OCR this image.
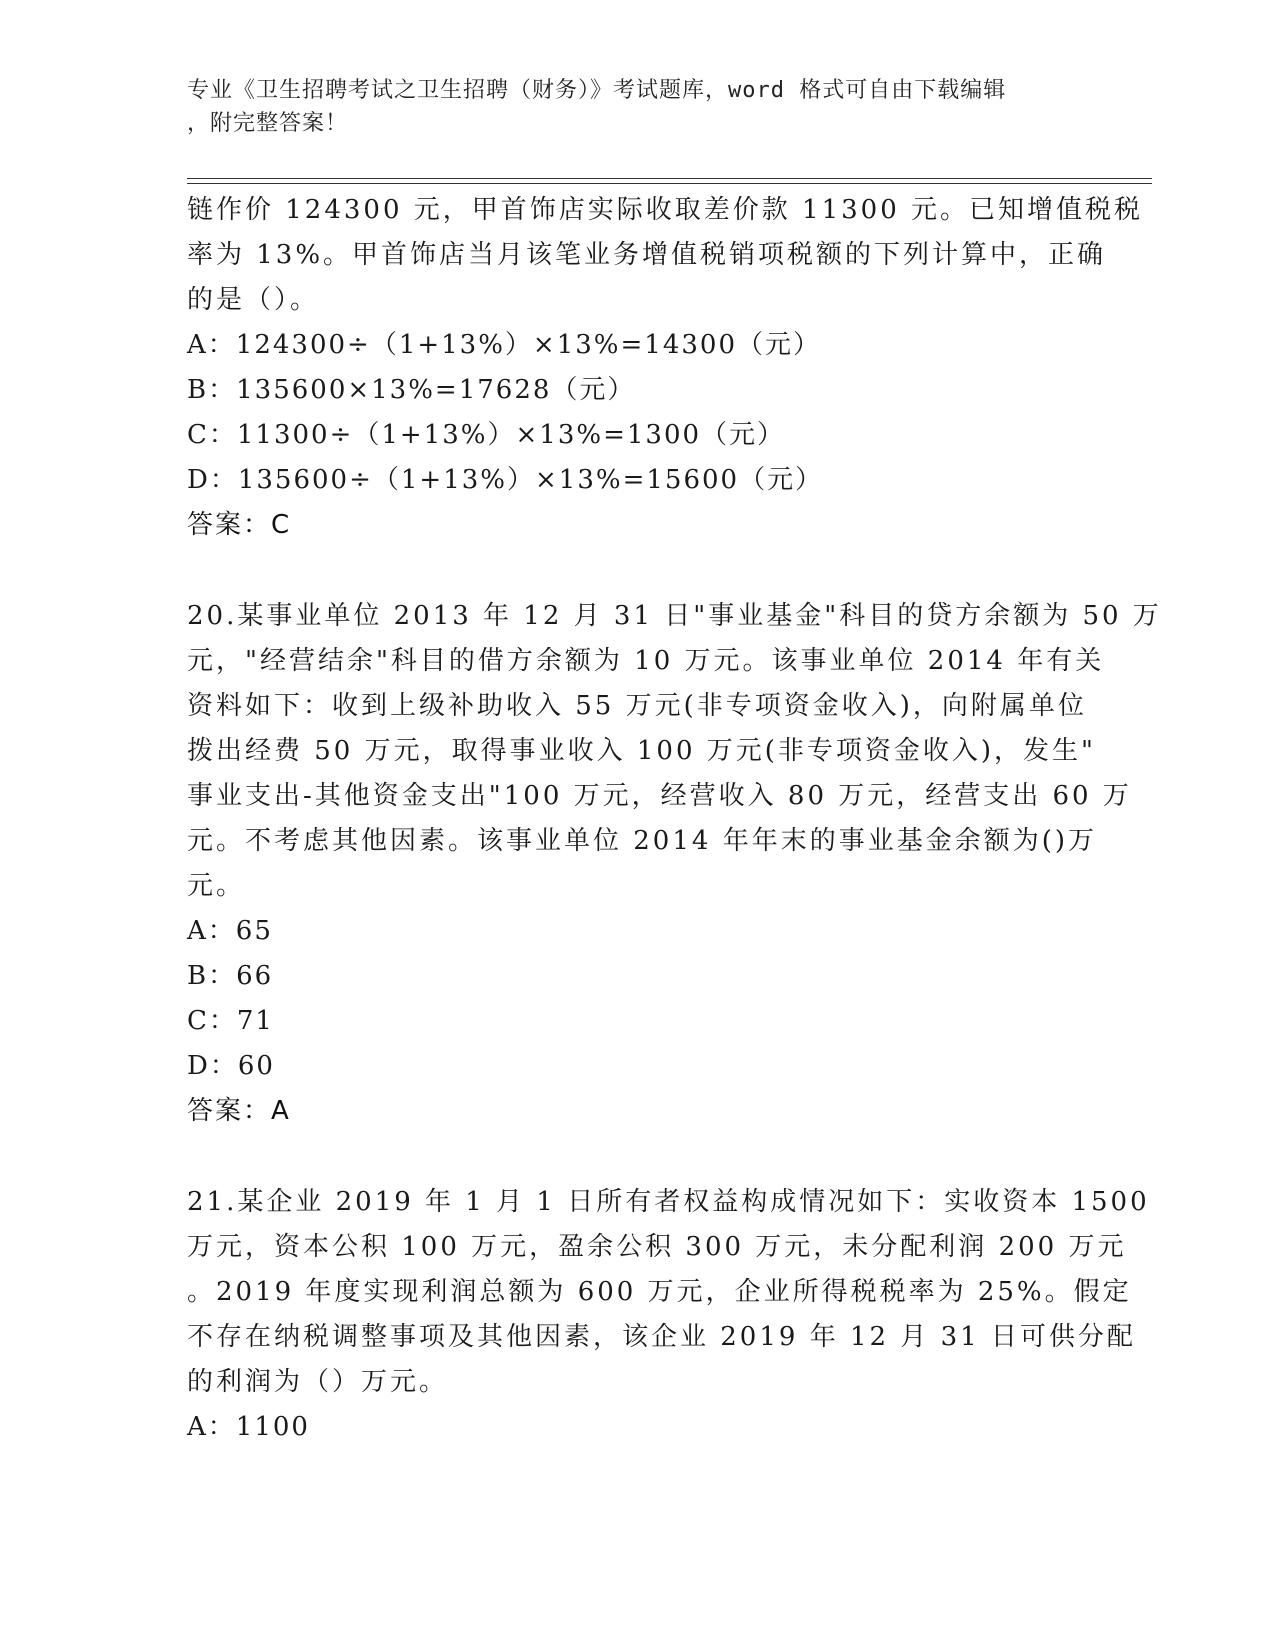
专业《卫生招聘考试之卫生招聘（财务）》考试题库，word 格式可自由下载编辑
，附完整答案！

链作价 124300 元，甲首饰店实际收取差价款 11300 元。已知增值税税

率为 13%。甲首饰店当月该笔业务增值税销项税额的下列计算中，正确

的是（）。

A：124300÷（1+13%）×13%=14300（元）

B：135600×13%=17628（元）

C：11300÷（1+13%）×13%=1300（元）

D：135600÷（1+13%）×13%=15600（元）

答案：C

20.某事业单位 2013 年 12 月 31 日"事业基金"科目的贷方余额为 50 万

元，"经营结余"科目的借方余额为 10 万元。该事业单位 2014 年有关

资料如下：收到上级补助收入 55 万元(非专项资金收入)，向附属单位

拨出经费 50 万元，取得事业收入 100 万元(非专项资金收入)，发生"

事业支出-其他资金支出"100 万元，经营收入 80 万元，经营支出 60 万

元。不考虑其他因素。该事业单位 2014 年年末的事业基金余额为()万

元。

A：65

B：66

C：71

D：60

答案：A

21.某企业 2019 年 1 月 1 日所有者权益构成情况如下：实收资本 1500

万元，资本公积 100 万元，盈余公积 300 万元，未分配利润 200 万元

。2019 年度实现利润总额为 600 万元，企业所得税税率为 25%。假定

不存在纳税调整事项及其他因素，该企业 2019 年 12 月 31 日可供分配

的利润为（）万元。

A：1100
